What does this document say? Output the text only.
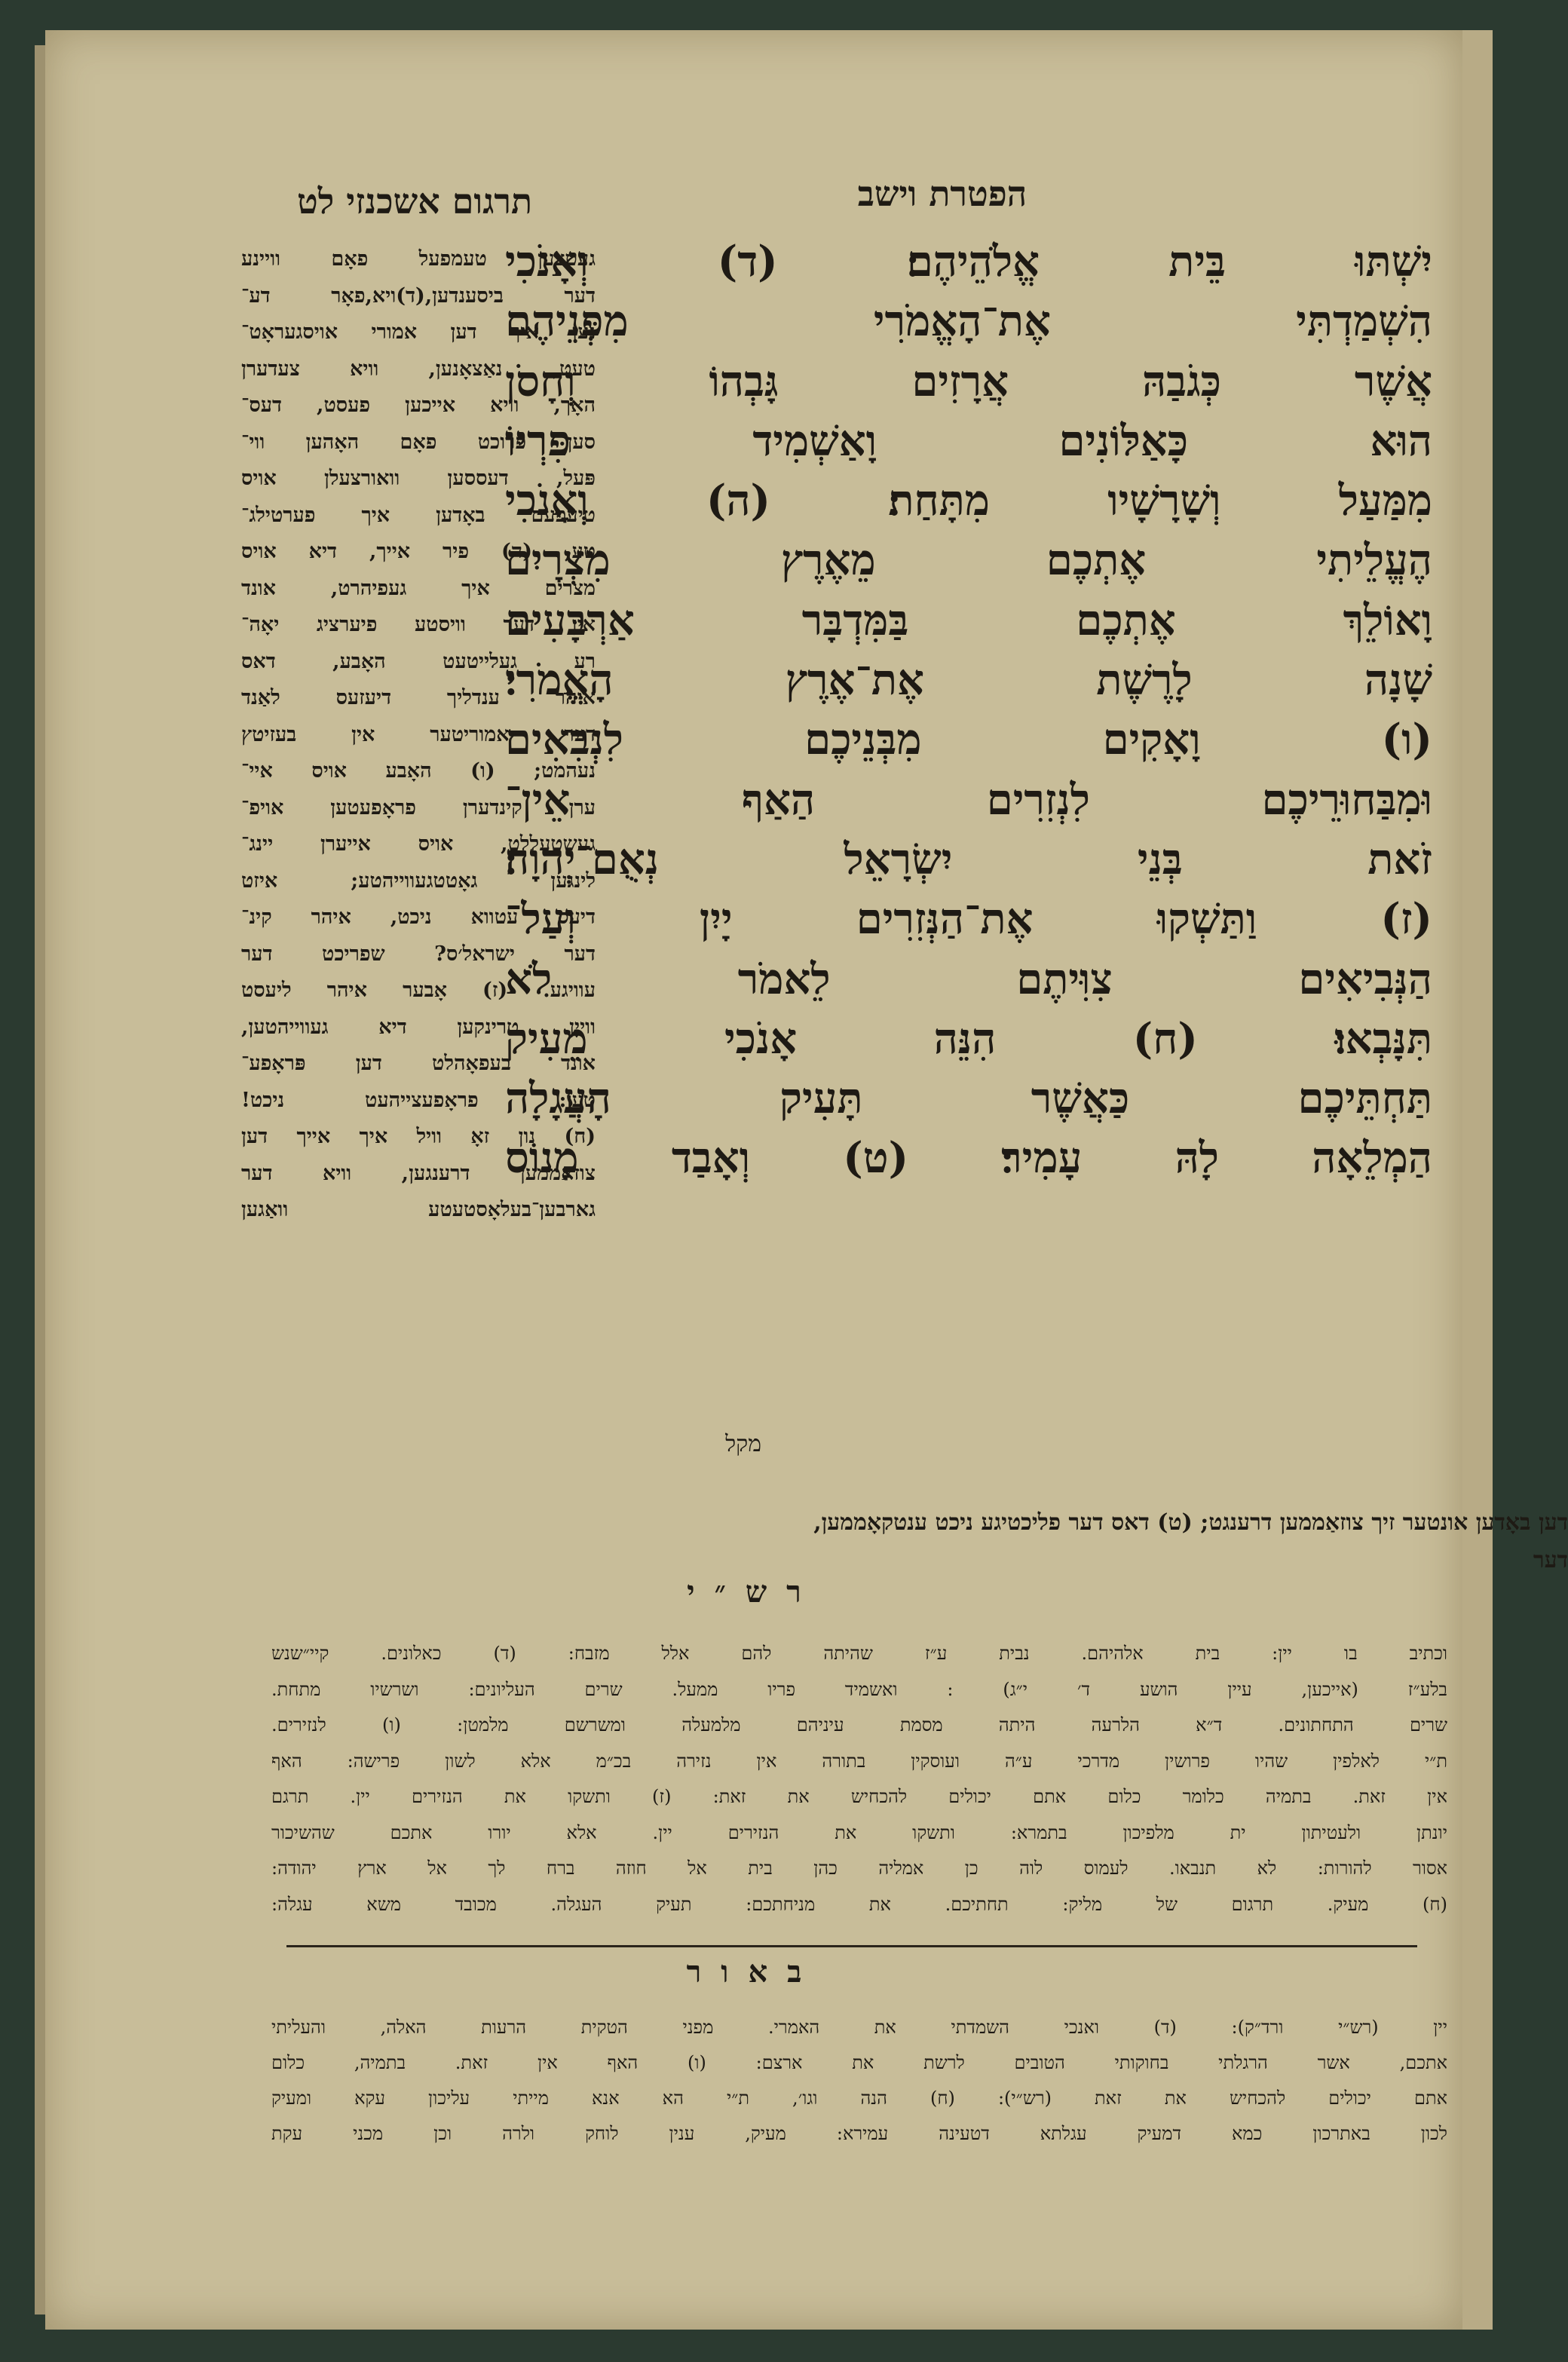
הפטרת וישב
תרגום אשכנזי לט
יִשְׁתּוּ בֵּית אֱלֹהֵיהֶם׃ (ד) וְאָנֹכִי
הִשְׁמַדְתִּי אֶת־הָאֱמֹרִי מִפְּנֵיהֶם
אֲשֶׁר כְּגֹבַהּ אֲרָזִים גָּבְהוֹ וְחָסֹן
הוּא כָּאַלּוֹנִים וָאַשְׁמִיד פִּרְיוֹ
מִמַּעַל וְשָׁרָשָׁיו מִתָּחַת׃ (ה) וְאָנֹכִי
הֶעֱלֵיתִי אֶתְכֶם מֵאֶרֶץ מִצְרָיִם
וָאוֹלֵךְ אֶתְכֶם בַּמִּדְבָּר אַרְבָּעִים
שָׁנָה לָרֶשֶׁת אֶת־אֶרֶץ הָאֱמֹרִי׃
(ו) וָאָקִים מִבְּנֵיכֶם לִנְבִאִים
וּמִבַּחוּרֵיכֶם לִנְזִרִים הַאַף אֵין־
זֹאת בְּנֵי יִשְׂרָאֵל נְאֻם־יְהוָה׃
(ז) וַתַּשְׁקוּ אֶת־הַנְּזִרִים יָיִן וְעַל־
הַנְּבִיאִים צִוִּיתֶם לֵאמֹר לֹא
תִּנָּבְאוּ׃ (ח) הִנֵּה אָנֹכִי מֵעִיק
תַּחְתֵּיכֶם כַּאֲשֶׁר תָּעִיק הָעֲגָלָה
הַמְלֵאָה לָהּ עָמִיר׃ (ט) וְאָבַד מָנוֹס
מקל
געטצען טעמפעל פאָם וויינע
דער ביסענדען,(ד)ויא,פאָר דע־
נען איך דען אמורי אויסגעראָט־
טעט, נאַצאָנען, וויא צעדערן
האָך, וויא אייכען פעסט, דעס־
סען פרוכט פאָם האָהען ווי־
פּעל, דעססען וואורצעלן אויס
טיעפעם באָדען איך פערטילג־
טע, (ה) פיר אייך, דיא אויס
מצרים איך געפיהרט, אונד
אין דער וויסטע פיערציג יאָה־
רע געלייטעט האָבע, דאס
איהר ענדליך דיעזעס לאַנד
דער אמוריטער אין בעזיטץ
נעהמט; (ו) האָבע אויס איי־
ערן קינדערן פראָפעטען אויפ־
געשטעללט, אויס אייערן יינג־
לינגען גאָטטגעווייהטע; איזט
דיעס עטווא ניכט, איהר קינ־
דער ישראל׳ס? שפריכט דער
עוויגע. (ז) אָבער איהר ליעסט
ווייָן טרינקען דיא געווייהטען,
אונד בעפאָהלט דען פּראָפע־
טען: פראָפעצייהעט ניכט!
(ח) נון זאָ וויל איך אייך דען
צוזאממען דרענגען, וויא דער
גארבען־בעלאָסטעטע וואַגען
דען באָדען אונטער זיך צוזאַממען דרענגט; (ט) דאס דער פליכטיגע ניכט ענטקאָממען,
דער
רש״י
וכתיב בו יין: בית אלהיהם. נבית ע״ז שהיתה להם אלל מזבח: (ד) כאלונים. קיי״שנש
בלע״ז (אייכען, עיין הושע ד׳ י״ג) : ואשמיד פריו ממעל. שרים העליונים: ושרשיו מתחת.
שרים התחתונים. ד״א הלרעה היתה מסמת עיניהם מלמעלה ומשרשם מלמטן: (ו) לנזירים.
ת״י לאלפין שהיו פרושין מדרכי ע״ה ועוסקין בתורה אין נזירה בכ״מ אלא לשון פרישה: האף
אין זאת. בתמיה כלומר כלום אתם יכולים להכחיש את זאת: (ז) ותשקו את הנזירים יין. תרגם
יונתן ולעטיתון ית מלפיכון בתמרא: ותשקו את הנזירים יין. אלא יורו אתכם שהשיכור
אסור להורות: לא תנבאו. לעמוס לוה כן אמליה כהן בית אל חוזה ברח לך אל ארץ יהודה:
(ח) מעיק. תרגום של מליק: תחתיכם. את מניחתכם: תעיק העגלה. מכובד משא עגלה:
באור
יין (רש״י ורד״ק): (ד) ואנכי השמדתי את האמרי. מפני הטקית הרעות האלה, והעליתי
אתכם, אשר הרגלתי בחוקותי הטובים לרשת את ארצם: (ו) האף אין זאת. בתמיה, כלום
אתם יכולים להכחיש את זאת (רש״י): (ח) הנה וגו׳, ת״י הא אנא מייתי עליכון עקא ומעיק
לכון באתרכון כמא דמעיק עגלתא דטעינה עמירא: מעיק, ענין לוחק ולרה וכן מכני עקת
